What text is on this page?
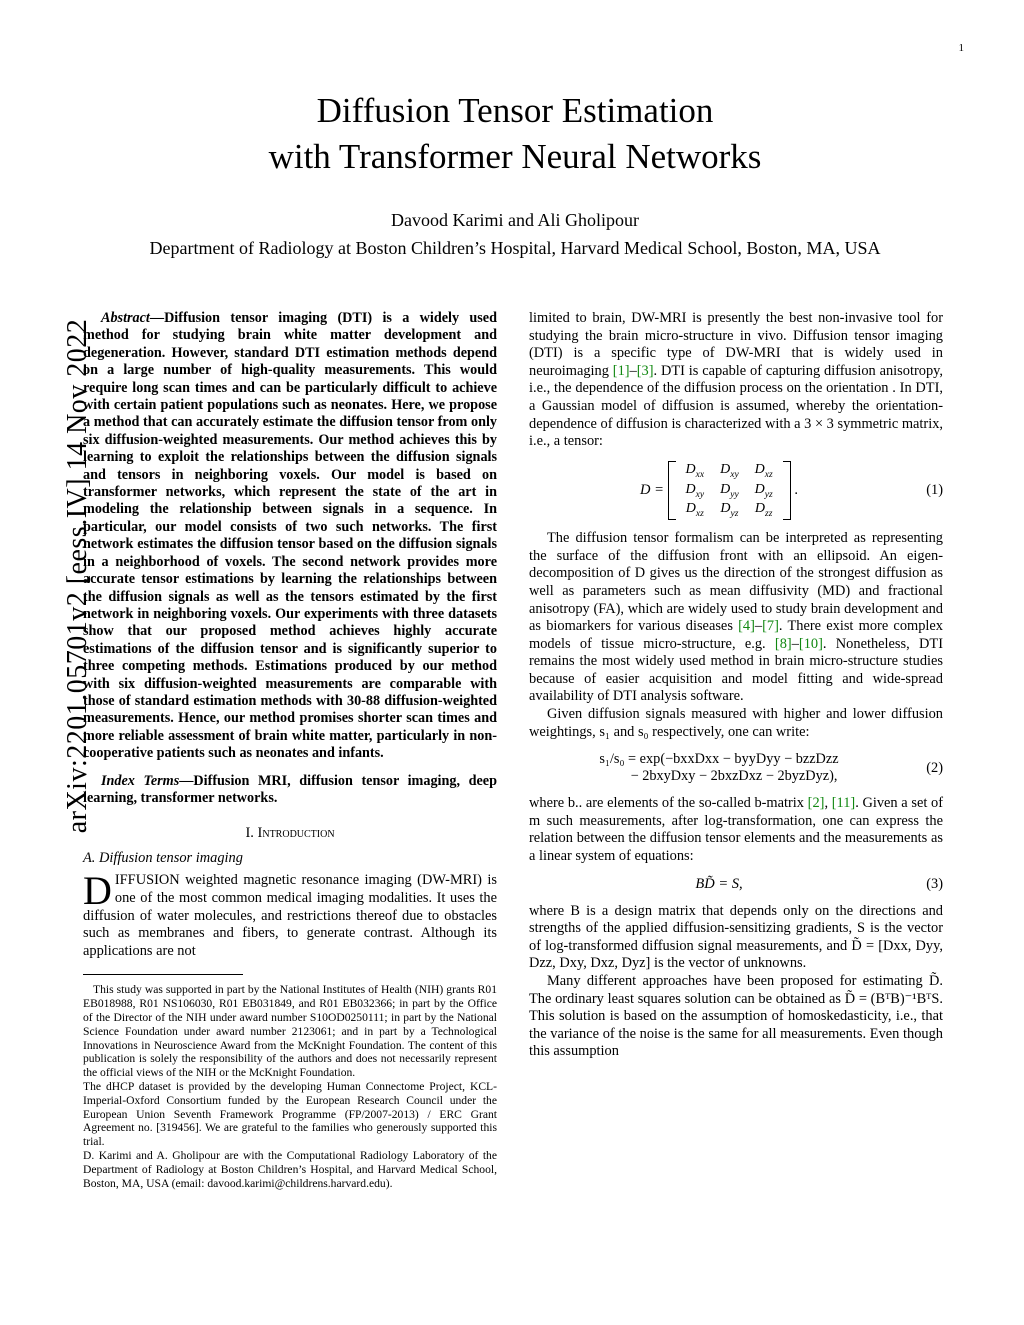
1
arXiv:2201.05701v2 [eess.IV] 14 Nov 2022
Diffusion Tensor Estimation
with Transformer Neural Networks
Davood Karimi and Ali Gholipour
Department of Radiology at Boston Children’s Hospital, Harvard Medical School, Boston, MA, USA
Abstract—Diffusion tensor imaging (DTI) is a widely used method for studying brain white matter development and degeneration. However, standard DTI estimation methods depend on a large number of high-quality measurements. This would require long scan times and can be particularly difficult to achieve with certain patient populations such as neonates. Here, we propose a method that can accurately estimate the diffusion tensor from only six diffusion-weighted measurements. Our method achieves this by learning to exploit the relationships between the diffusion signals and tensors in neighboring voxels. Our model is based on transformer networks, which represent the state of the art in modeling the relationship between signals in a sequence. In particular, our model consists of two such networks. The first network estimates the diffusion tensor based on the diffusion signals in a neighborhood of voxels. The second network provides more accurate tensor estimations by learning the relationships between the diffusion signals as well as the tensors estimated by the first network in neighboring voxels. Our experiments with three datasets show that our proposed method achieves highly accurate estimations of the diffusion tensor and is significantly superior to three competing methods. Estimations produced by our method with six diffusion-weighted measurements are comparable with those of standard estimation methods with 30-88 diffusion-weighted measurements. Hence, our method promises shorter scan times and more reliable assessment of brain white matter, particularly in non-cooperative patients such as neonates and infants.
Index Terms—Diffusion MRI, diffusion tensor imaging, deep learning, transformer networks.
I. Introduction
A. Diffusion tensor imaging

DIFFUSION weighted magnetic resonance imaging (DW-MRI) is one of the most common medical imaging modalities. It uses the diffusion of water molecules, and restrictions thereof due to obstacles such as membranes and fibers, to generate contrast. Although its applications are not

This study was supported in part by the National Institutes of Health (NIH) grants R01 EB018988, R01 NS106030, R01 EB031849, and R01 EB032366; in part by the Office of the Director of the NIH under award number S10OD0250111; in part by the National Science Foundation under award number 2123061; and in part by a Technological Innovations in Neuroscience Award from the McKnight Foundation. The content of this publication is solely the responsibility of the authors and does not necessarily represent the official views of the NIH or the McKnight Foundation.
The dHCP dataset is provided by the developing Human Connectome Project, KCL-Imperial-Oxford Consortium funded by the European Research Council under the European Union Seventh Framework Programme (FP/2007-2013) / ERC Grant Agreement no. [319456]. We are grateful to the families who generously supported this trial.
D. Karimi and A. Gholipour are with the Computational Radiology Laboratory of the Department of Radiology at Boston Children’s Hospital, and Harvard Medical School, Boston, MA, USA (email: davood.karimi@childrens.harvard.edu).

limited to brain, DW-MRI is presently the best non-invasive tool for studying the brain micro-structure in vivo. Diffusion tensor imaging (DTI) is a specific type of DW-MRI that is widely used in neuroimaging [1]–[3]. DTI is capable of capturing diffusion anisotropy, i.e., the dependence of the diffusion process on the orientation . In DTI, a Gaussian model of diffusion is assumed, whereby the orientation-dependence of diffusion is characterized with a 3 × 3 symmetric matrix, i.e., a tensor:

D =
$D_{xx}$	$D_{xy}$	$D_{xz}$
$D_{xy}$	$D_{yy}$	$D_{yz}$
$D_{xz}$	$D_{yz}$	$D_{zz}$
.	(1)

The diffusion tensor formalism can be interpreted as representing the surface of the diffusion front with an ellipsoid. An eigen-decomposition of D gives us the direction of the strongest diffusion as well as parameters such as mean diffusivity (MD) and fractional anisotropy (FA), which are widely used to study brain development and as biomarkers for various diseases [4]–[7]. There exist more complex models of tissue micro-structure, e.g. [8]–[10]. Nonetheless, DTI remains the most widely used method in brain micro-structure studies because of easier acquisition and model fitting and wide-spread availability of DTI analysis software.

Given diffusion signals measured with higher and lower diffusion weightings, s₁ and s₀ respectively, one can write:

s₁/s₀ = exp(−bxxDxx − byyDyy − bzzDzz
− 2bxyDxy − 2bxzDxz − 2byzDyz),
(2)

where b.. are elements of the so-called b-matrix [2], [11]. Given a set of m such measurements, after log-transformation, one can express the relation between the diffusion tensor elements and the measurements as a linear system of equations:

BD̃ = S,	(3)

where B is a design matrix that depends only on the directions and strengths of the applied diffusion-sensitizing gradients, S is the vector of log-transformed diffusion signal measurements, and D̃ = [Dxx, Dyy, Dzz, Dxy, Dxz, Dyz] is the vector of unknowns.

Many different approaches have been proposed for estimating D̃. The ordinary least squares solution can be obtained as D̃ = (BᵀB)⁻¹BᵀS. This solution is based on the assumption of homoskedasticity, i.e., that the variance of the noise is the same for all measurements. Even though this assumption
